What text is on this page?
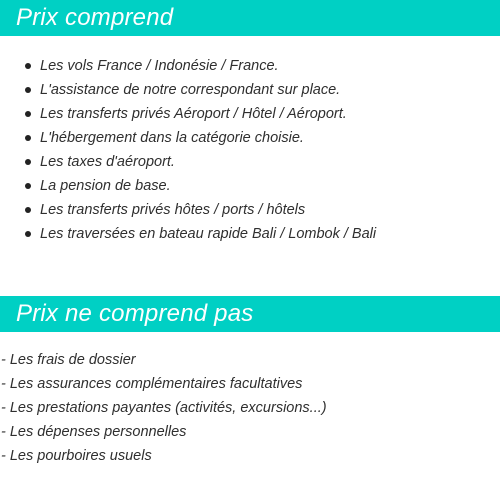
Prix comprend
Les vols France / Indonésie / France.
L'assistance de notre correspondant sur place.
Les transferts privés Aéroport / Hôtel / Aéroport.
L'hébergement dans la catégorie choisie.
Les taxes d'aéroport.
La pension de base.
Les transferts privés hôtes / ports / hôtels
Les traversées en bateau rapide Bali / Lombok / Bali
Prix ne comprend pas
- Les frais de dossier
- Les assurances complémentaires facultatives
- Les prestations payantes (activités, excursions...)
- Les dépenses personnelles
- Les pourboires usuels
